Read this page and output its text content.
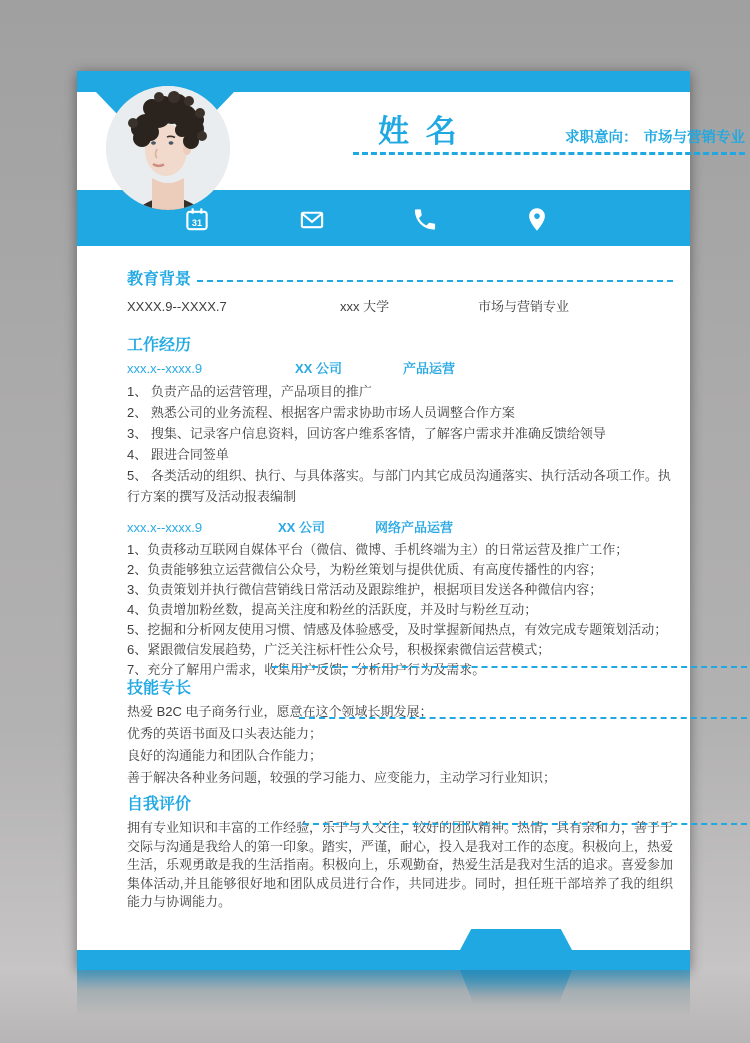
姓 名	求职意向： 市场与营销专业
31
教育背景
XXXX.9--XXXX.7	xxx 大学	市场与营销专业
工作经历
xxx.x--xxxx.9	XX 公司	产品运营

1、 负责产品的运营管理，产品项目的推广

2、 熟悉公司的业务流程、根据客户需求协助市场人员调整合作方案

3、 搜集、记录客户信息资料，回访客户维系客情，了解客户需求并准确反馈给领导

4、 跟进合同签单

5、 各类活动的组织、执行、与具体落实。与部门内其它成员沟通落实、执行活动各项工作。执行方案的撰写及活动报表编制

xxx.x--xxxx.9	XX 公司	网络产品运营

1、负责移动互联网自媒体平台（微信、微博、手机终端为主）的日常运营及推广工作；

2、负责能够独立运营微信公众号，为粉丝策划与提供优质、有高度传播性的内容；

3、负责策划并执行微信营销线日常活动及跟踪维护，根据项目发送各种微信内容；

4、负责增加粉丝数，提高关注度和粉丝的活跃度，并及时与粉丝互动；

5、挖掘和分析网友使用习惯、情感及体验感受，及时掌握新闻热点，有效完成专题策划活动；

6、紧跟微信发展趋势，广泛关注标杆性公众号，积极探索微信运营模式；

7、充分了解用户需求，收集用户反馈，分析用户行为及需求。

技能专长

热爱 B2C 电子商务行业，愿意在这个领域长期发展；

优秀的英语书面及口头表达能力；

良好的沟通能力和团队合作能力；

善于解决各种业务问题，较强的学习能力、应变能力，主动学习行业知识；

自我评价

拥有专业知识和丰富的工作经验，乐于与人交往，较好的团队精神。热情，具有亲和力，善于于交际与沟通是我给人的第一印象。踏实，严谨，耐心，投入是我对工作的态度。积极向上，热爱生活，乐观勇敢是我的生活指南。积极向上，乐观勤奋，热爱生活是我对生活的追求。喜爱参加集体活动,并且能够很好地和团队成员进行合作，共同进步。同时，担任班干部培养了我的组织能力与协调能力。
